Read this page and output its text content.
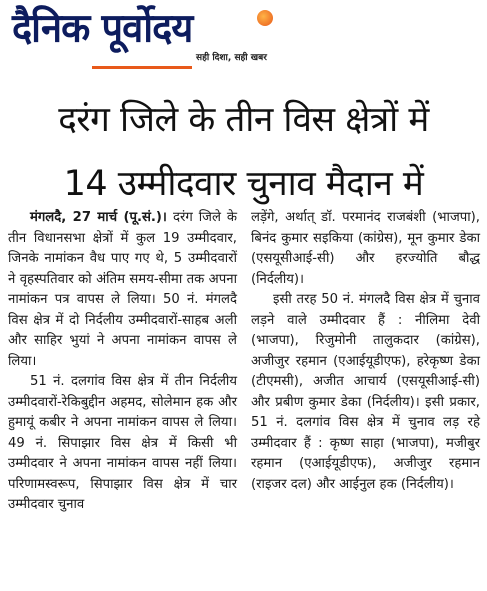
दैनिक पूर्वोदय
सही दिशा, सही खबर
दरंग जिले के तीन विस क्षेत्रों में
14 उम्मीदवार चुनाव मैदान में

मंगलदै, 27 मार्च (पू.सं.)। दरंग जिले के तीन विधानसभा क्षेत्रों में कुल 19 उम्मीदवार, जिनके नामांकन वैध पाए गए थे, 5 उम्मीदवारों ने वृहस्पतिवार को अंतिम समय-सीमा तक अपना नामांकन पत्र वापस ले लिया। 50 नं. मंगलदै विस क्षेत्र में दो निर्दलीय उम्मीदवारों-साहब अली और साहिर भुयां ने अपना नामांकन वापस ले लिया।

51 नं. दलगांव विस क्षेत्र में तीन निर्दलीय उम्मीदवारों-रेकिबुद्दीन अहमद, सोलेमान हक और हुमायूं कबीर ने अपना नामांकन वापस ले लिया। 49 नं. सिपाझार विस क्षेत्र में किसी भी उम्मीदवार ने अपना नामांकन वापस नहीं लिया। परिणामस्वरूप, सिपाझार विस क्षेत्र में चार उम्मीदवार चुनाव

लड़ेंगे, अर्थात् डॉ. परमानंद राजबंशी (भाजपा), बिनंद कुमार सइकिया (कांग्रेस), मून कुमार डेका (एसयूसीआई-सी) और हरज्योति बौद्ध (निर्दलीय)।

इसी तरह 50 नं. मंगलदै विस क्षेत्र में चुनाव लड़ने वाले उम्मीदवार हैं : नीलिमा देवी (भाजपा), रिजुमोनी तालुकदार (कांग्रेस), अजीजुर रहमान (एआईयूडीएफ), हरेकृष्ण डेका (टीएमसी), अजीत आचार्य (एसयूसीआई-सी) और प्रबीण कुमार डेका (निर्दलीय)। इसी प्रकार, 51 नं. दलगांव विस क्षेत्र में चुनाव लड़ रहे उम्मीदवार हैं : कृष्ण साहा (भाजपा), मजीबुर रहमान (एआईयूडीएफ), अजीजुर रहमान (राइजर दल) और आईनुल हक (निर्दलीय)।
